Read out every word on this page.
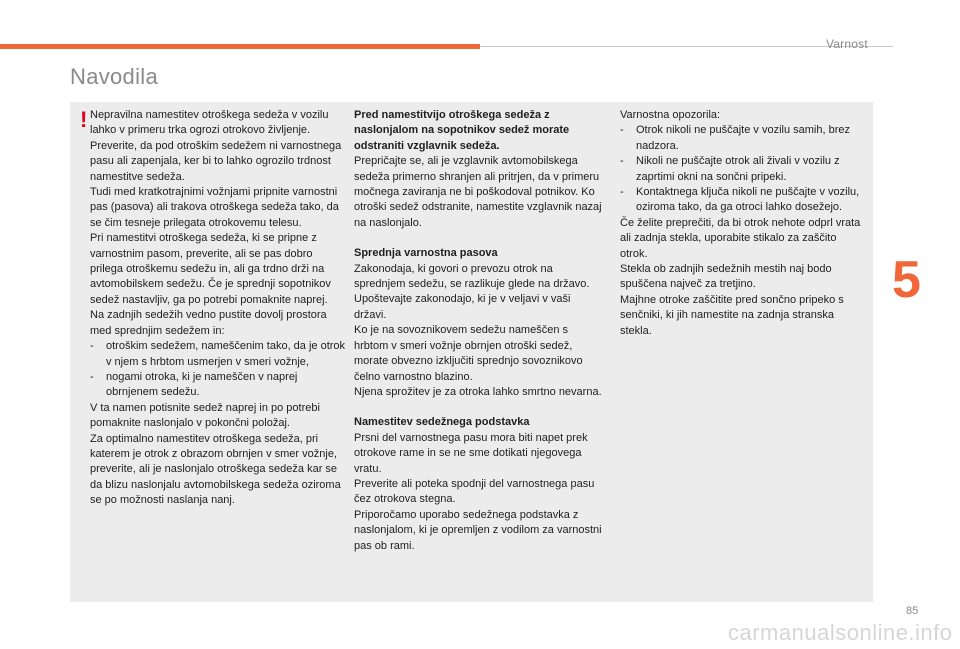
Varnost
Navodila
! Nepravilna namestitev otroškega sedeža v vozilu lahko v primeru trka ogrozi otrokovo življenje.

Preverite, da pod otroškim sedežem ni varnostnega pasu ali zapenjala, ker bi to lahko ogrozilo trdnost namestitve sedeža.

Tudi med kratkotrajnimi vožnjami pripnite varnostni pas (pasova) ali trakova otroškega sedeža tako, da se čim tesneje prilegata otrokovemu telesu.

Pri namestitvi otroškega sedeža, ki se pripne z varnostnim pasom, preverite, ali se pas dobro prilega otroškemu sedežu in, ali ga trdno drži na avtomobilskem sedežu. Če je sprednji sopotnikov sedež nastavljiv, ga po potrebi pomaknite naprej.

Na zadnjih sedežih vedno pustite dovolj prostora med sprednjim sedežem in:

-	otroškim sedežem, nameščenim tako, da je otrok v njem s hrbtom usmerjen v smeri vožnje,
-	nogami otroka, ki je nameščen v naprej obrnjenem sedežu.

V ta namen potisnite sedež naprej in po potrebi pomaknite naslonjalo v pokončni položaj.

Za optimalno namestitev otroškega sedeža, pri katerem je otrok z obrazom obrnjen v smer vožnje, preverite, ali je naslonjalo otroškega sedeža kar se da blizu naslonjalu avtomobilskega sedeža oziroma se po možnosti naslanja nanj.

Pred namestitvijo otroškega sedeža z naslonjalom na sopotnikov sedež morate odstraniti vzglavnik sedeža.

Prepričajte se, ali je vzglavnik avtomobilskega sedeža primerno shranjen ali pritrjen, da v primeru močnega zaviranja ne bi poškodoval potnikov. Ko otroški sedež odstranite, namestite vzglavnik nazaj na naslonjalo.

Sprednja varnostna pasova

Zakonodaja, ki govori o prevozu otrok na sprednjem sedežu, se razlikuje glede na državo. Upoštevajte zakonodajo, ki je v veljavi v vaši državi.

Ko je na sovoznikovem sedežu nameščen s hrbtom v smeri vožnje obrnjen otroški sedež, morate obvezno izključiti sprednjo sovoznikovo čelno varnostno blazino.

Njena sprožitev je za otroka lahko smrtno nevarna.

Namestitev sedežnega podstavka

Prsni del varnostnega pasu mora biti napet prek otrokove rame in se ne sme dotikati njegovega vratu.

Preverite ali poteka spodnji del varnostnega pasu čez otrokova stegna.

Priporočamo uporabo sedežnega podstavka z naslonjalom, ki je opremljen z vodilom za varnostni pas ob rami.

Varnostna opozorila:

-	Otrok nikoli ne puščajte v vozilu samih, brez nadzora.
-	Nikoli ne puščajte otrok ali živali v vozilu z zaprtimi okni na sončni pripeki.
-	Kontaktnega ključa nikoli ne puščajte v vozilu, oziroma tako, da ga otroci lahko dosežejo.

Če želite preprečiti, da bi otrok nehote odprl vrata ali zadnja stekla, uporabite stikalo za zaščito otrok.

Stekla ob zadnjih sedežnih mestih naj bodo spuščena največ za tretjino.

Majhne otroke zaščitite pred sončno pripeko s senčniki, ki jih namestite na zadnja stranska stekla.

5
85
carmanualsonline.info
